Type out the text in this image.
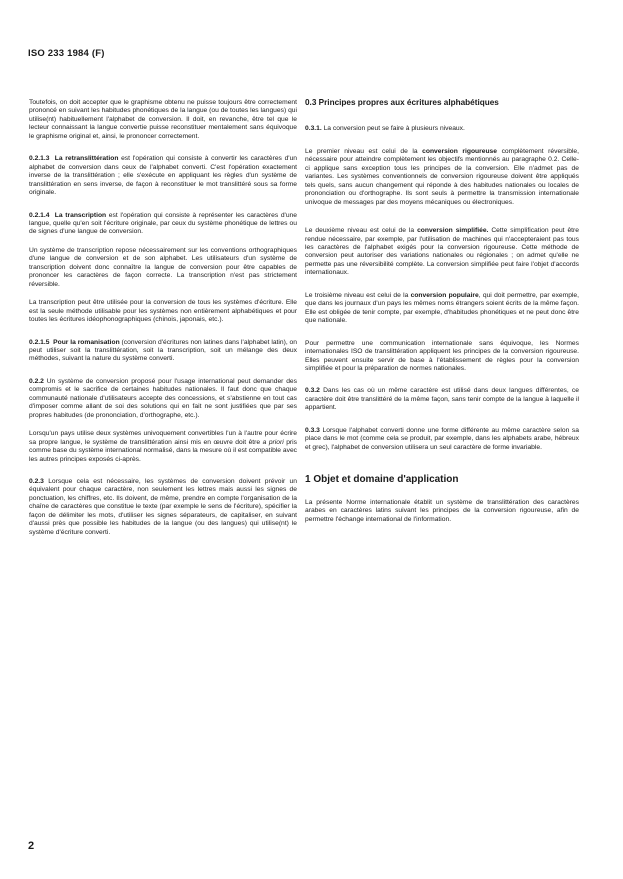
ISO 233 1984 (F)

Toutefois, on doit accepter que le graphisme obtenu ne puisse toujours être correctement prononcé en suivant les habitudes phonétiques de la langue (ou de toutes les langues) qui utilise(nt) habituellement l'alphabet de conversion. Il doit, en revanche, être tel que le lecteur connaissant la langue convertie puisse reconstituer mentalement sans équivoque le graphisme original et, ainsi, le prononcer correctement.

0.2.1.3 La retranslittération est l'opération qui consiste à convertir les caractères d'un alphabet de conversion dans ceux de l'alphabet converti. C'est l'opération exactement inverse de la translittération ; elle s'exécute en appliquant les règles d'un système de translittération en sens inverse, de façon à reconstituer le mot translittéré sous sa forme originale.

0.2.1.4 La transcription est l'opération qui consiste à représenter les caractères d'une langue, quelle qu'en soit l'écriture originale, par ceux du système phonétique de lettres ou de signes d'une langue de conversion.

Un système de transcription repose nécessairement sur les conventions orthographiques d'une langue de conversion et de son alphabet. Les utilisateurs d'un système de transcription doivent donc connaître la langue de conversion pour être capables de prononcer les caractères de façon correcte. La transcription n'est pas strictement réversible.

La transcription peut être utilisée pour la conversion de tous les systèmes d'écriture. Elle est la seule méthode utilisable pour les systèmes non entièrement alphabétiques et pour toutes les écritures idéophonographiques (chinois, japonais, etc.).

0.2.1.5 Pour la romanisation (conversion d'écritures non latines dans l'alphabet latin), on peut utiliser soit la translittération, soit la transcription, soit un mélange des deux méthodes, suivant la nature du système converti.

0.2.2 Un système de conversion proposé pour l'usage international peut demander des compromis et le sacrifice de certaines habitudes nationales. Il faut donc que chaque communauté nationale d'utilisateurs accepte des concessions, et s'abstienne en tout cas d'imposer comme allant de soi des solutions qui en fait ne sont justifiées que par ses propres habitudes (de prononciation, d'orthographe, etc.).

Lorsqu'un pays utilise deux systèmes univoquement convertibles l'un à l'autre pour écrire sa propre langue, le système de translittération ainsi mis en œuvre doit être a priori pris comme base du système international normalisé, dans la mesure où il est compatible avec les autres principes exposés ci-après.

0.2.3 Lorsque cela est nécessaire, les systèmes de conversion doivent prévoir un équivalent pour chaque caractère, non seulement les lettres mais aussi les signes de ponctuation, les chiffres, etc. Ils doivent, de même, prendre en compte l'organisation de la chaîne de caractères que constitue le texte (par exemple le sens de l'écriture), spécifier la façon de délimiter les mots, d'utiliser les signes séparateurs, de capitaliser, en suivant d'aussi près que possible les habitudes de la langue (ou des langues) qui utilise(nt) le système d'écriture converti.

0.3 Principes propres aux écritures alphabétiques

0.3.1. La conversion peut se faire à plusieurs niveaux.

Le premier niveau est celui de la conversion rigoureuse complètement réversible, nécessaire pour atteindre complètement les objectifs mentionnés au paragraphe 0.2. Celle-ci applique sans exception tous les principes de la conversion. Elle n'admet pas de variantes. Les systèmes conventionnels de conversion rigoureuse doivent être appliqués tels quels, sans aucun changement qui réponde à des habitudes nationales ou locales de prononciation ou d'orthographe. Ils sont seuls à permettre la transmission internationale univoque de messages par des moyens mécaniques ou électroniques.

Le deuxième niveau est celui de la conversion simplifiée. Cette simplification peut être rendue nécessaire, par exemple, par l'utilisation de machines qui n'accepteraient pas tous les caractères de l'alphabet exigés pour la conversion rigoureuse. Cette méthode de conversion peut autoriser des variations nationales ou régionales ; on admet qu'elle ne permette pas une réversibilité complète. La conversion simplifiée peut faire l'objet d'accords internationaux.

Le troisième niveau est celui de la conversion populaire, qui doit permettre, par exemple, que dans les journaux d'un pays les mêmes noms étrangers soient écrits de la même façon. Elle est obligée de tenir compte, par exemple, d'habitudes phonétiques et ne peut donc être que nationale.

Pour permettre une communication internationale sans équivoque, les Normes internationales ISO de translittération appliquent les principes de la conversion rigoureuse. Elles peuvent ensuite servir de base à l'établissement de règles pour la conversion simplifiée et pour la préparation de normes nationales.

0.3.2 Dans les cas où un même caractère est utilisé dans deux langues différentes, ce caractère doit être translittéré de la même façon, sans tenir compte de la langue à laquelle il appartient.

0.3.3 Lorsque l'alphabet converti donne une forme différente au même caractère selon sa place dans le mot (comme cela se produit, par exemple, dans les alphabets arabe, hébreux et grec), l'alphabet de conversion utilisera un seul caractère de forme invariable.

1 Objet et domaine d'application

La présente Norme internationale établit un système de translittération des caractères arabes en caractères latins suivant les principes de la conversion rigoureuse, afin de permettre l'échange international de l'information.

2
